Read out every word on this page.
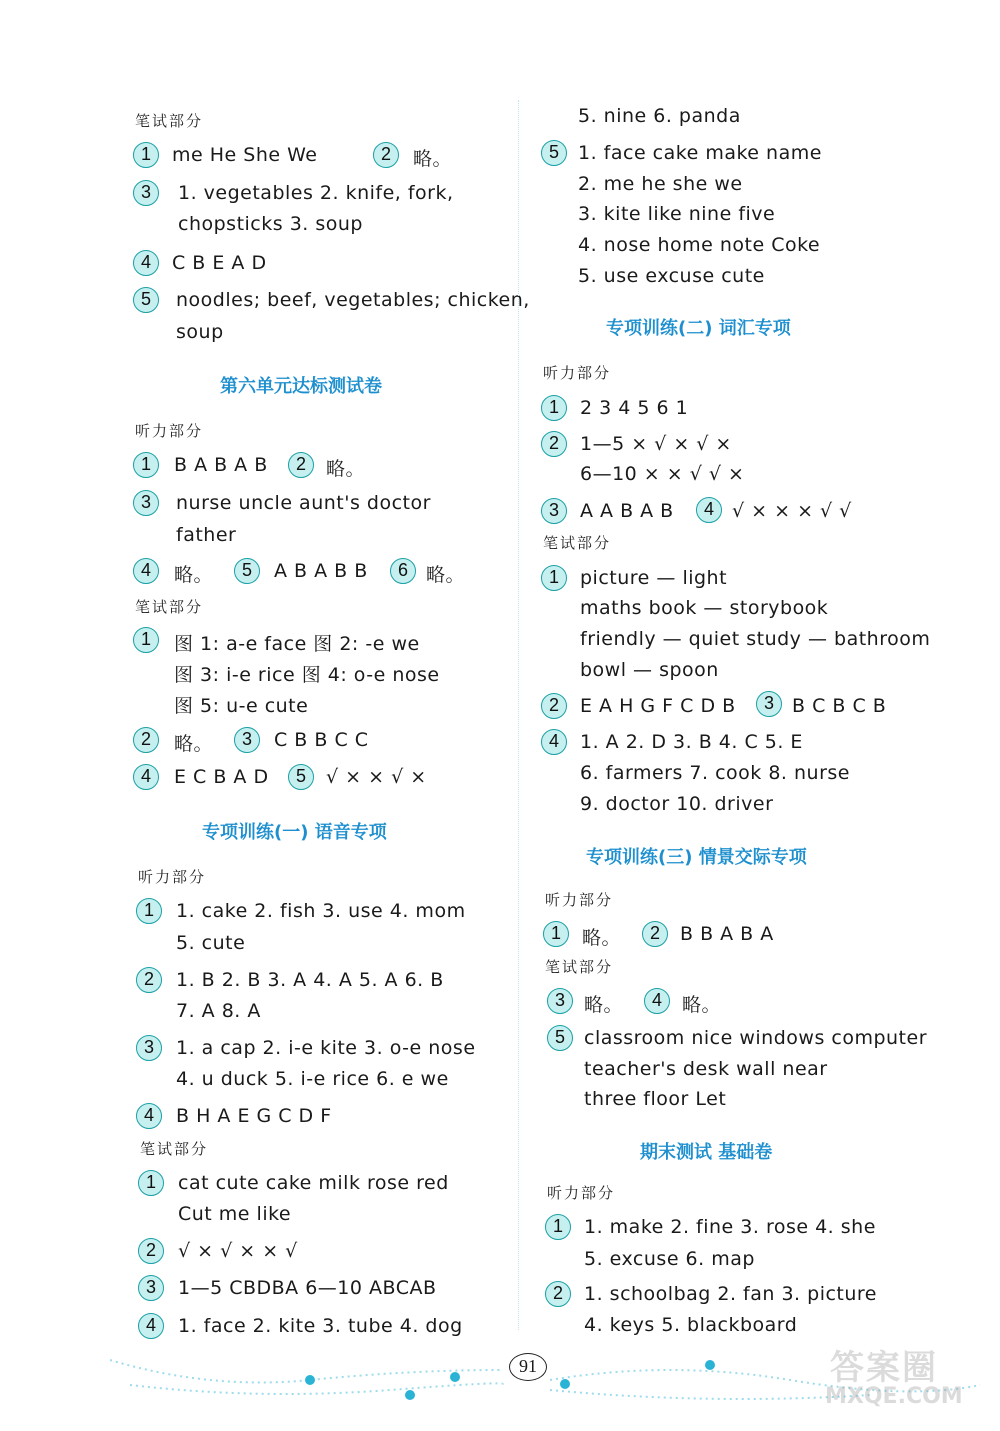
笔试部分
1	me He She We	2	略。
3	1. vegetables 2. knife, fork,
chopsticks 3. soup
4	C B E A D
5	noodles; beef, vegetables; chicken,
soup
第六单元达标测试卷
听力部分
1	B A B A B	2	略。
3	nurse uncle aunt's doctor
father
4	略。	5	A B A B B	6 略。
笔试部分
1	图 1: a-e face 图 2: -e we
图 3: i-e rice 图 4: o-e nose
图 5: u-e cute
2	略。	3	C B B C C
4	E C B A D	5	√ × × √ ×
专项训练(一) 语音专项
听力部分
1	1. cake 2. fish 3. use 4. mom
5. cute
2	1. B 2. B 3. A 4. A 5. A 6. B
7. A 8. A
3	1. a cap 2. i-e kite 3. o-e nose
4. u duck 5. i-e rice 6. e we
4	B H A E G C D F
笔试部分
1	cat cute cake milk rose red
Cut me like
2	√ × √ × × √
3	1—5 CBDBA 6—10 ABCAB
4	1. face 2. kite 3. tube 4. dog
5. nine 6. panda
5	1. face cake make name
2. me he she we
3. kite like nine five
4. nose home note Coke
5. use excuse cute
专项训练(二) 词汇专项
听力部分
1	2 3 4 5 6 1
2	1—5 × √ × √ ×
6—10 × × √ √ ×
3	A A B A B	4 √ × × × √ √
笔试部分
1	picture — light
maths book — storybook
friendly — quiet study — bathroom
bowl — spoon
2	E A H G F C D B	3 B C B C B
4	1. A 2. D 3. B 4. C 5. E
6. farmers 7. cook 8. nurse
9. doctor 10. driver
专项训练(三) 情景交际专项
听力部分
1	略。	2	B B A B A
笔试部分
3	略。	4	略。
5	classroom nice windows computer
teacher's desk wall near
three floor Let
期末测试 基础卷
听力部分
1	1. make 2. fine 3. rose 4. she
5. excuse 6. map
2	1. schoolbag 2. fan 3. picture
4. keys 5. blackboard
91	答案圈
MXQE.COM
